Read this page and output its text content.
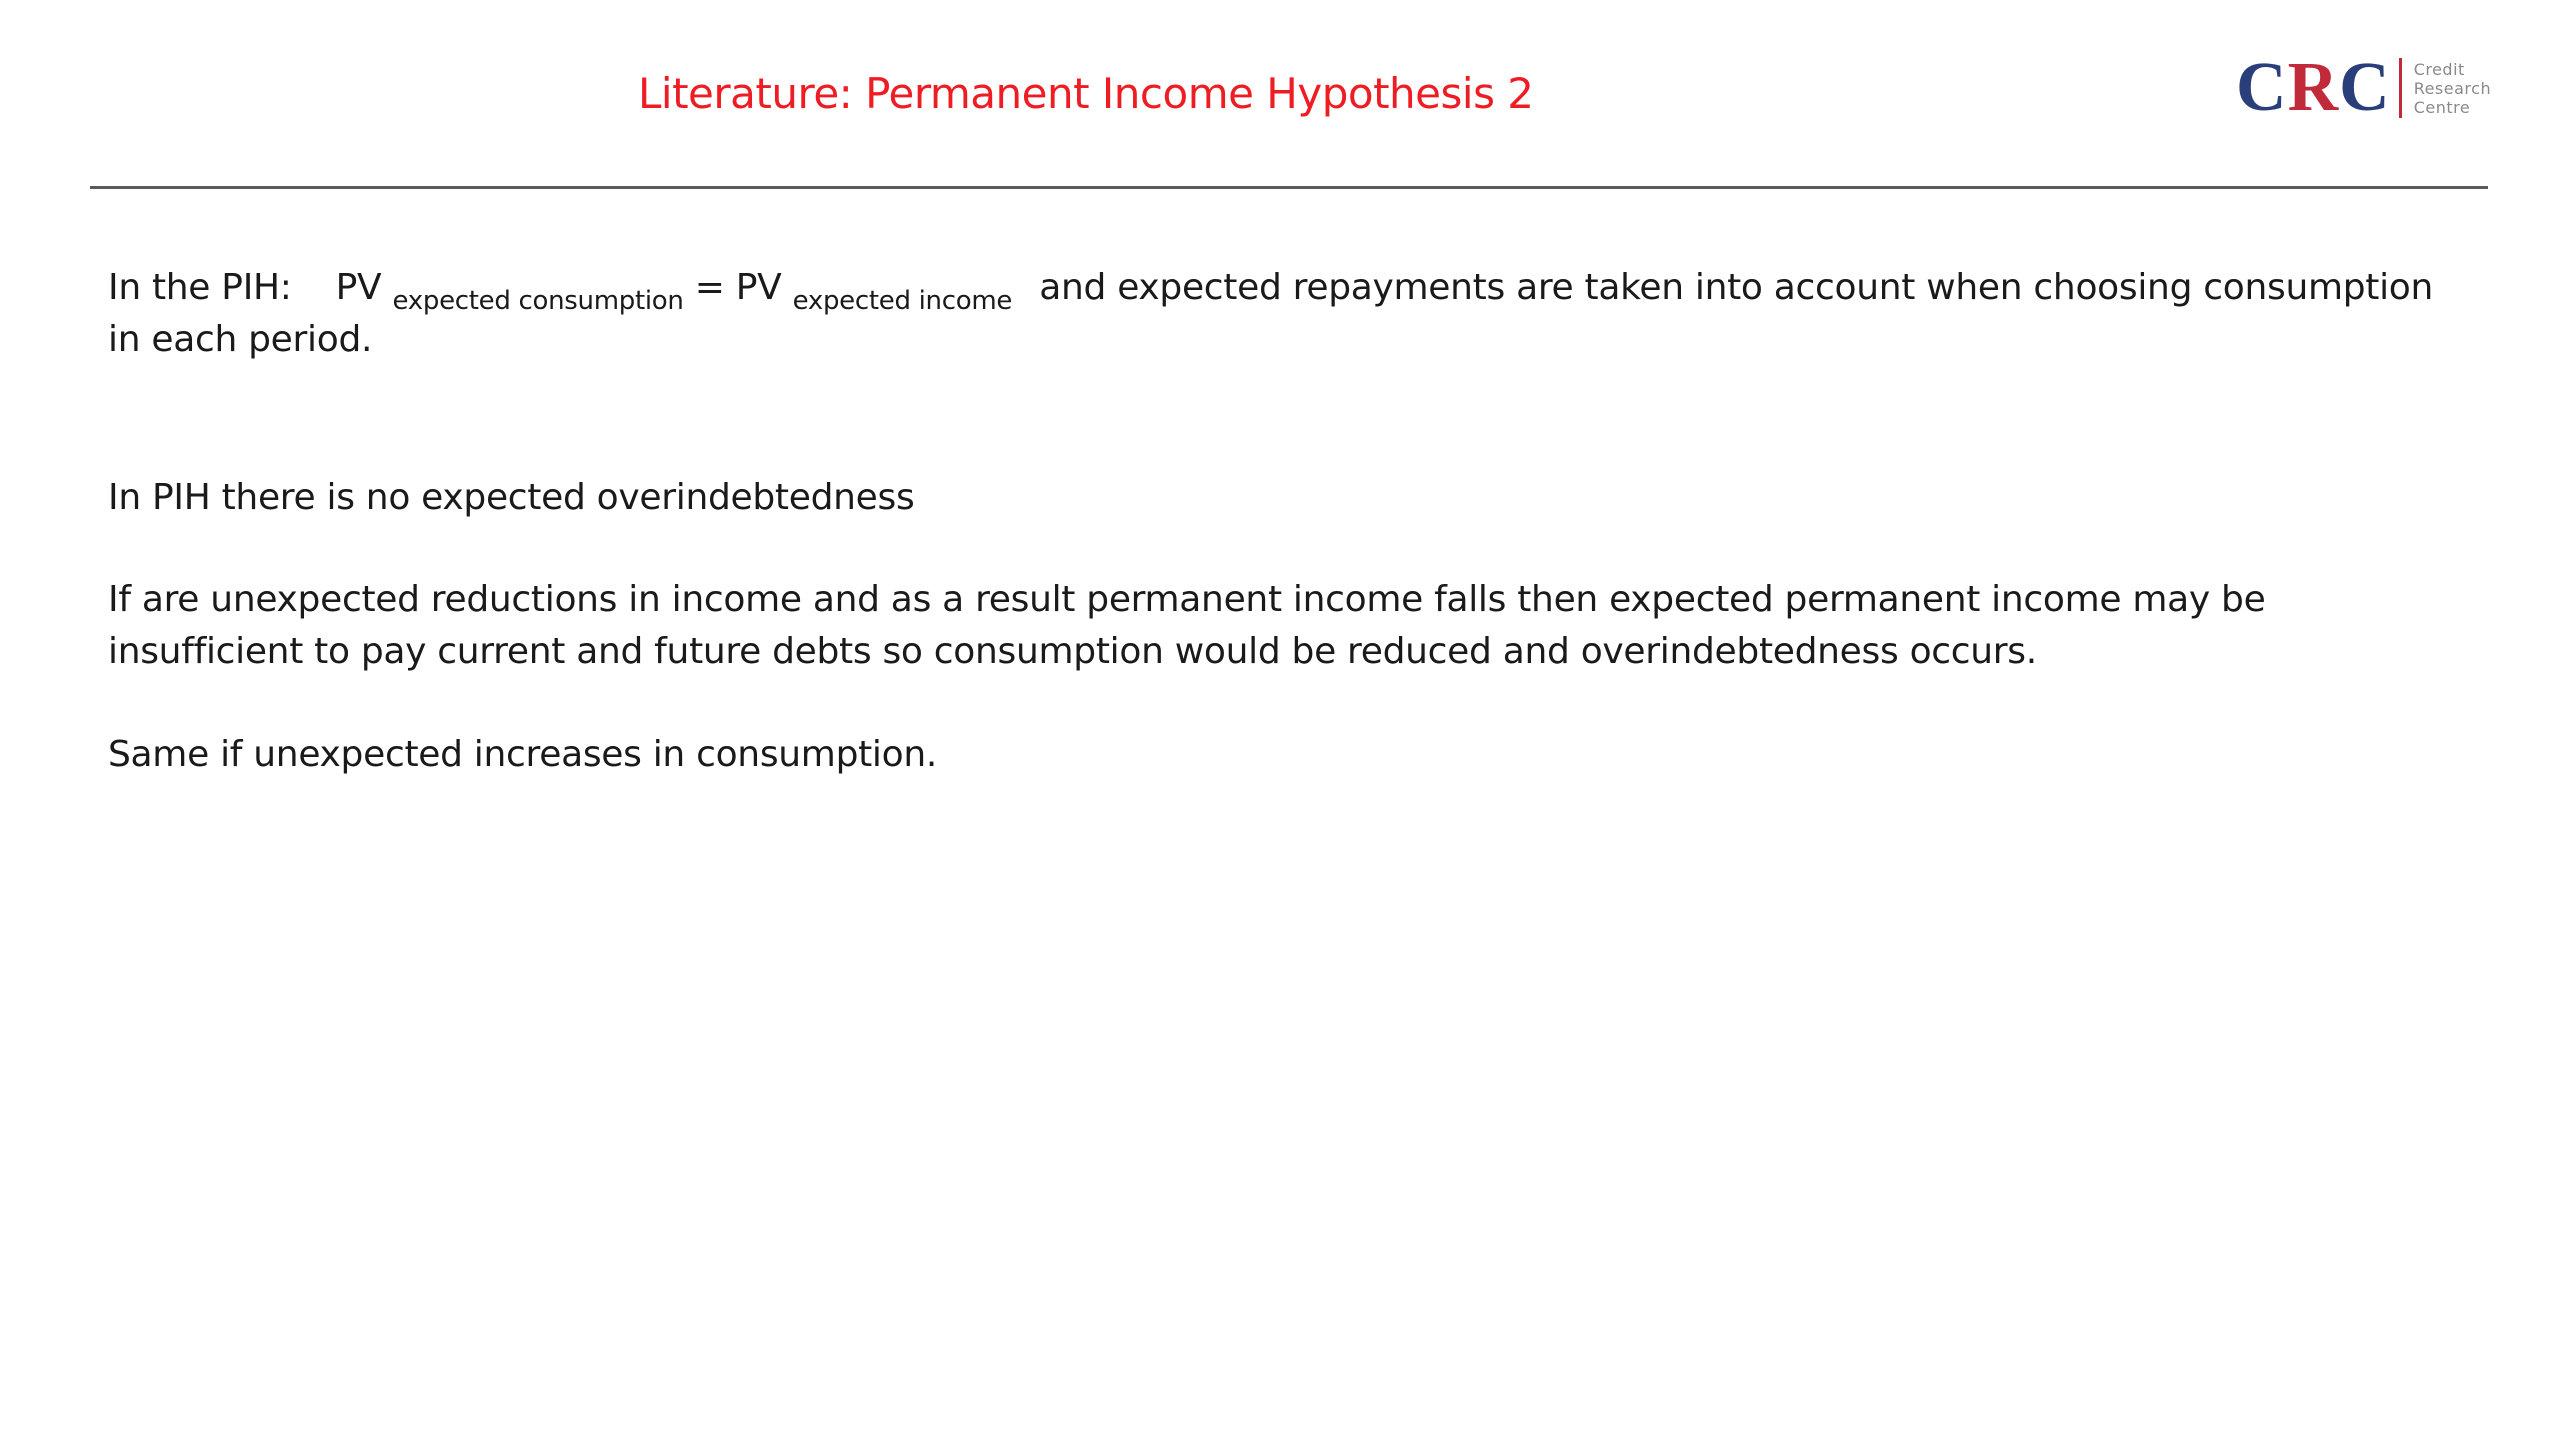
Literature: Permanent Income Hypothesis 2	CRC Credit
Research
Centre
In the PIH: PV $_{expected consumption}$ = PV $_{expected income}$ and expected repayments are taken into account when choosing consumption in each period.
In PIH there is no expected overindebtedness
If are unexpected reductions in income and as a result permanent income falls then expected permanent income may be insufficient to pay current and future debts so consumption would be reduced and overindebtedness occurs.
Same if unexpected increases in consumption.
